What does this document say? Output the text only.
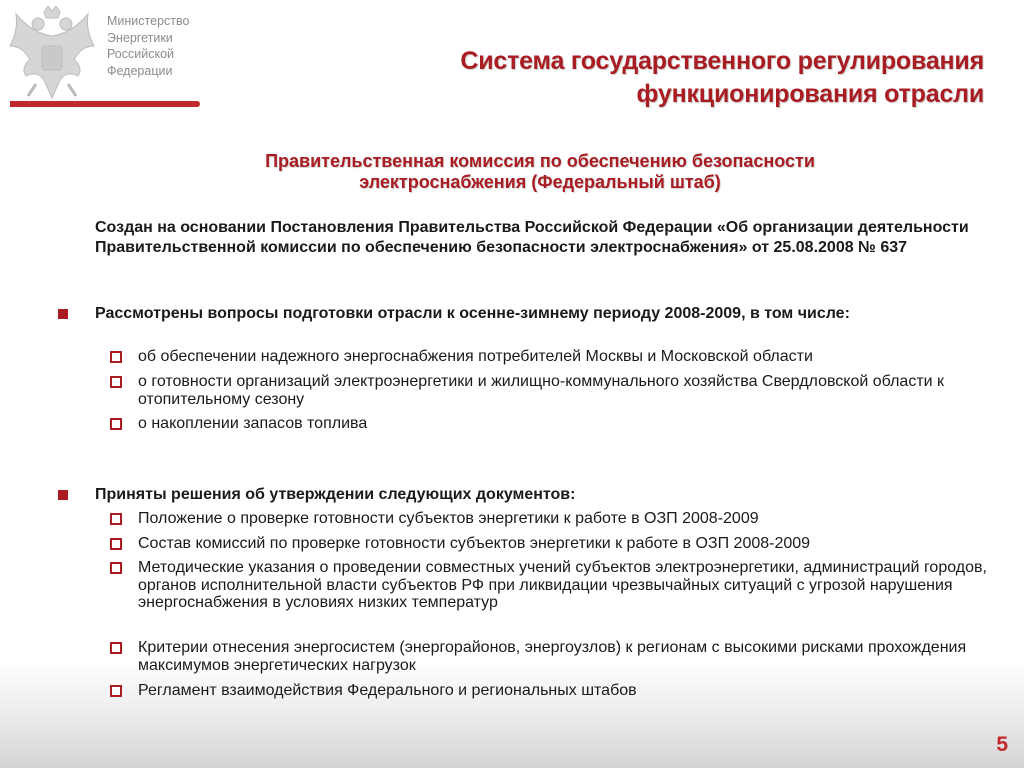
Министерство
Энергетики
Российской
Федерации	Система государственного регулирования
функционирования отрасли
Правительственная комиссия по обеспечению безопасности
электроснабжения (Федеральный штаб)
Создан на основании Постановления Правительства Российской Федерации «Об организации деятельности Правительственной комиссии по обеспечению безопасности электроснабжения» от 25.08.2008 № 637
Рассмотрены вопросы подготовки отрасли к осенне-зимнему периоду 2008-2009, в том числе:
об обеспечении надежного энергоснабжения потребителей Москвы и Московской области
о готовности организаций электроэнергетики и жилищно-коммунального хозяйства Свердловской области к отопительному сезону
о накоплении запасов топлива
Приняты решения об утверждении следующих документов:
Положение о проверке готовности субъектов энергетики к работе в ОЗП 2008-2009
Состав комиссий по проверке готовности субъектов энергетики к работе в ОЗП 2008-2009
Методические указания о проведении совместных учений субъектов электроэнергетики, администраций городов, органов исполнительной власти субъектов РФ при ликвидации чрезвычайных ситуаций с угрозой нарушения энергоснабжения в условиях низких температур
Критерии отнесения энергосистем (энергорайонов, энергоузлов) к регионам с высокими рисками прохождения максимумов энергетических нагрузок
Регламент взаимодействия Федерального и региональных штабов
5
